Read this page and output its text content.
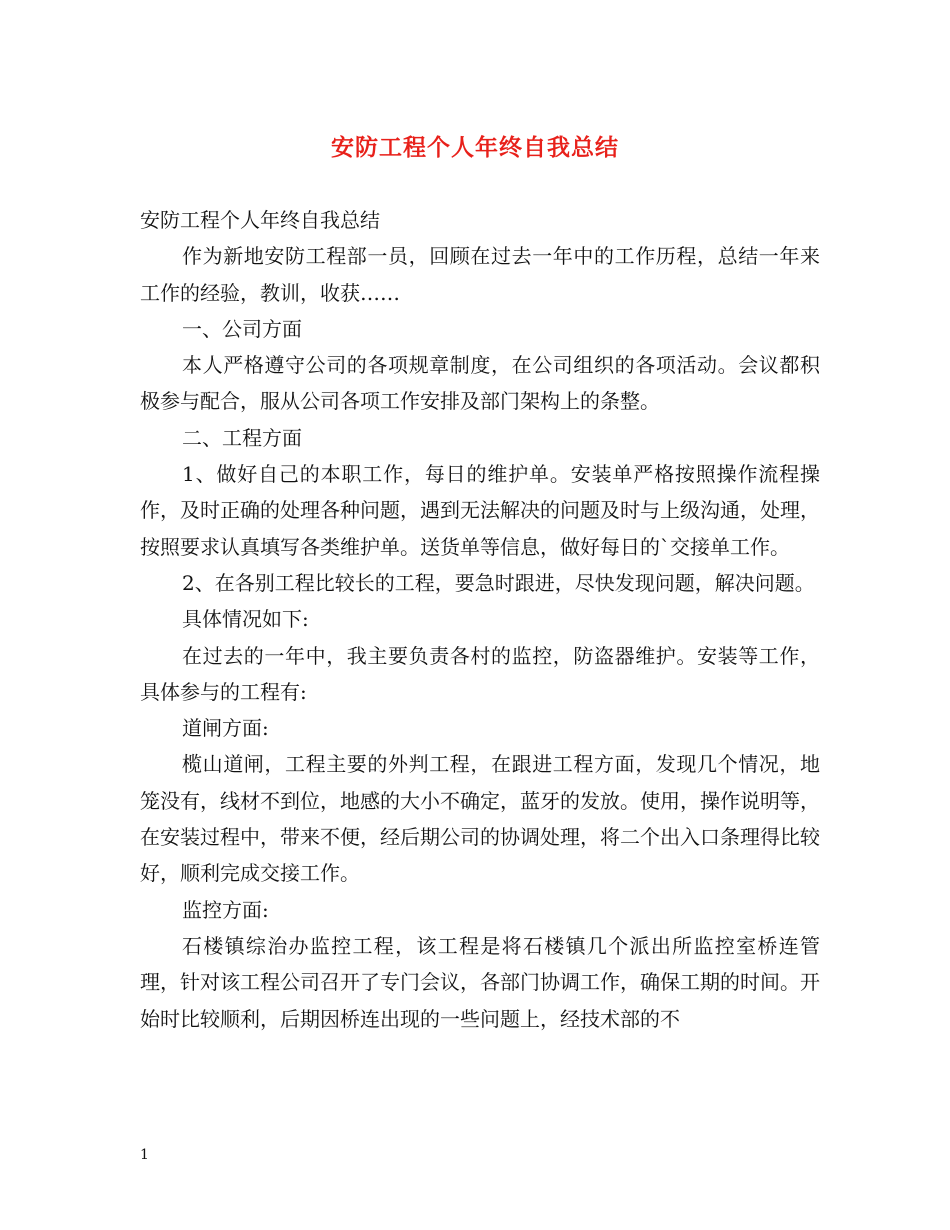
安防工程个人年终自我总结

安防工程个人年终自我总结

作为新地安防工程部一员，回顾在过去一年中的工作历程，总结一年来工作的经验，教训，收获……

一、公司方面

本人严格遵守公司的各项规章制度，在公司组织的各项活动。会议都积极参与配合，服从公司各项工作安排及部门架构上的条整。

二、工程方面

1、做好自己的本职工作，每日的维护单。安装单严格按照操作流程操作，及时正确的处理各种问题，遇到无法解决的问题及时与上级沟通，处理，按照要求认真填写各类维护单。送货单等信息，做好每日的`交接单工作。

2、在各别工程比较长的工程，要急时跟进，尽快发现问题，解决问题。

具体情况如下:

在过去的一年中，我主要负责各村的监控，防盗器维护。安装等工作，具体参与的工程有:

道闸方面:

榄山道闸，工程主要的外判工程，在跟进工程方面，发现几个情况，地笼没有，线材不到位，地感的大小不确定，蓝牙的发放。使用，操作说明等，在安装过程中，带来不便，经后期公司的协调处理，将二个出入口条理得比较好，顺利完成交接工作。

监控方面:

石楼镇综治办监控工程，该工程是将石楼镇几个派出所监控室桥连管理，针对该工程公司召开了专门会议，各部门协调工作，确保工期的时间。开始时比较顺利，后期因桥连出现的一些问题上，经技术部的不

1
